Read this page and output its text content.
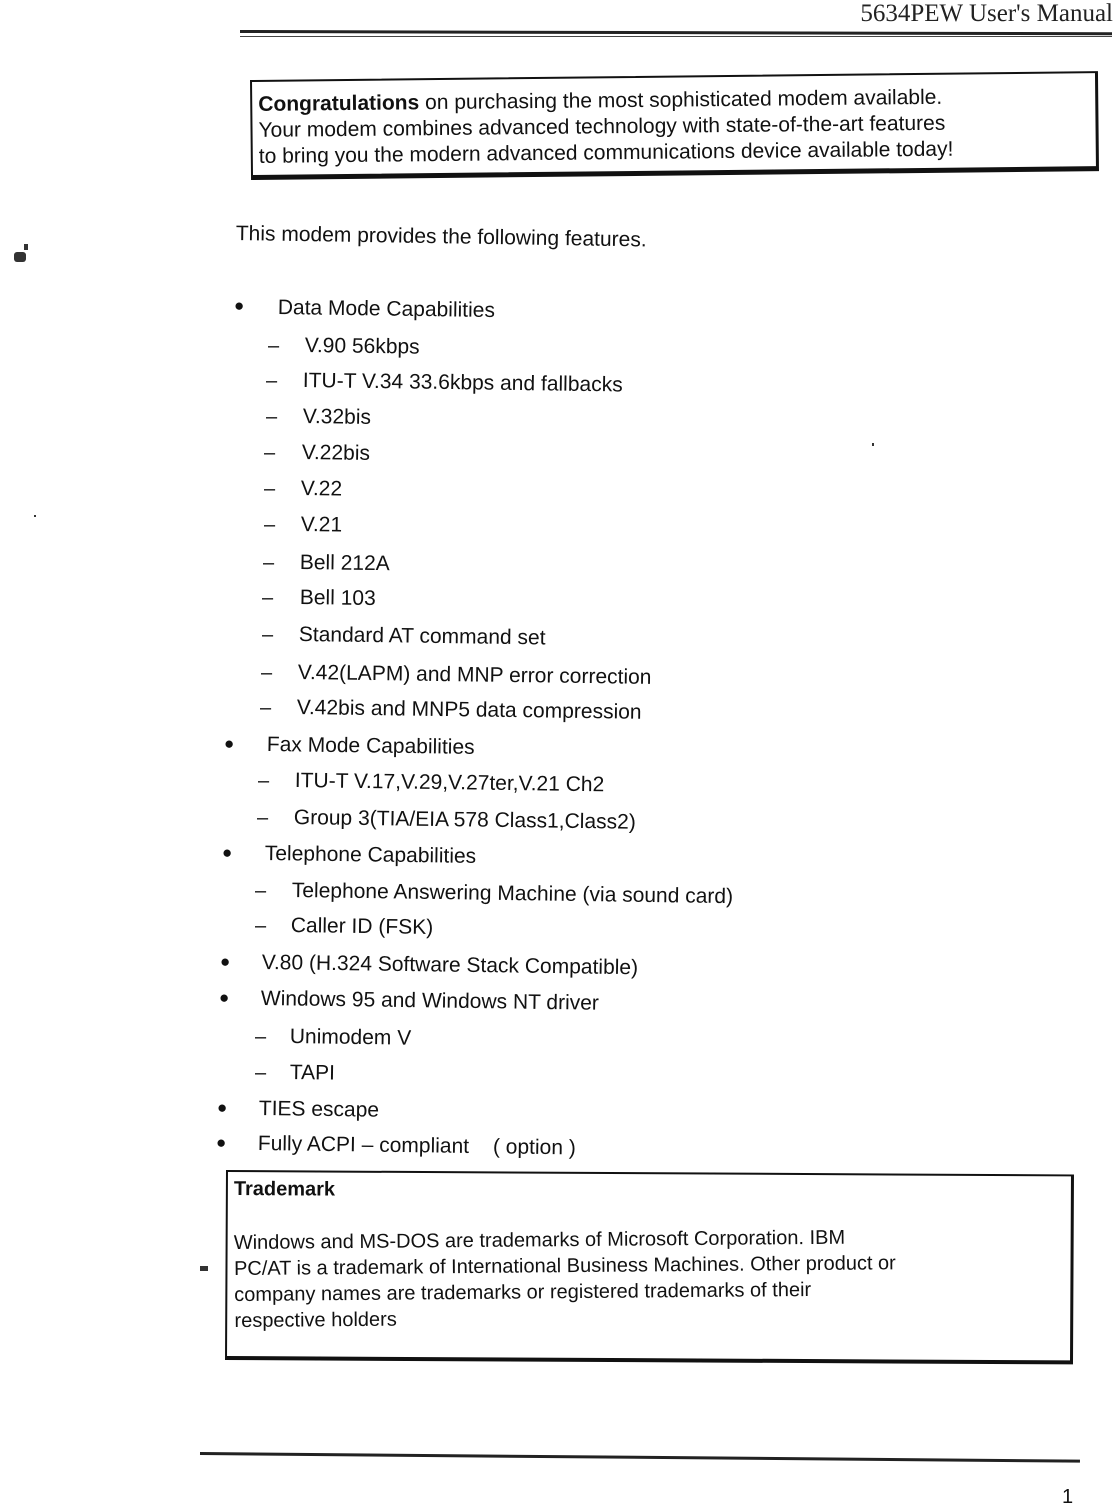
5634PEW User's Manual
Congratulations on purchasing the most sophisticated modem available.
Your modem combines advanced technology with state-of-the-art features
to bring you the modern advanced communications device available today!
This modem provides the following features.
● Data Mode Capabilities
– V.90 56kbps
– ITU-T V.34 33.6kbps and fallbacks
– V.32bis
– V.22bis
– V.22
– V.21
– Bell 212A
– Bell 103
– Standard AT command set
– V.42(LAPM) and MNP error correction
– V.42bis and MNP5 data compression
● Fax Mode Capabilities
– ITU-T V.17,V.29,V.27ter,V.21 Ch2
– Group 3(TIA/EIA 578 Class1,Class2)
● Telephone Capabilities
– Telephone Answering Machine (via sound card)
– Caller ID (FSK)
● V.80 (H.324 Software Stack Compatible)
● Windows 95 and Windows NT driver
– Unimodem V
– TAPI
● TIES escape
● Fully ACPI – compliant ( option )
Trademark
Windows and MS-DOS are trademarks of Microsoft Corporation. IBM
PC/AT is a trademark of International Business Machines. Other product or
company names are trademarks or registered trademarks of their
respective holders
1
